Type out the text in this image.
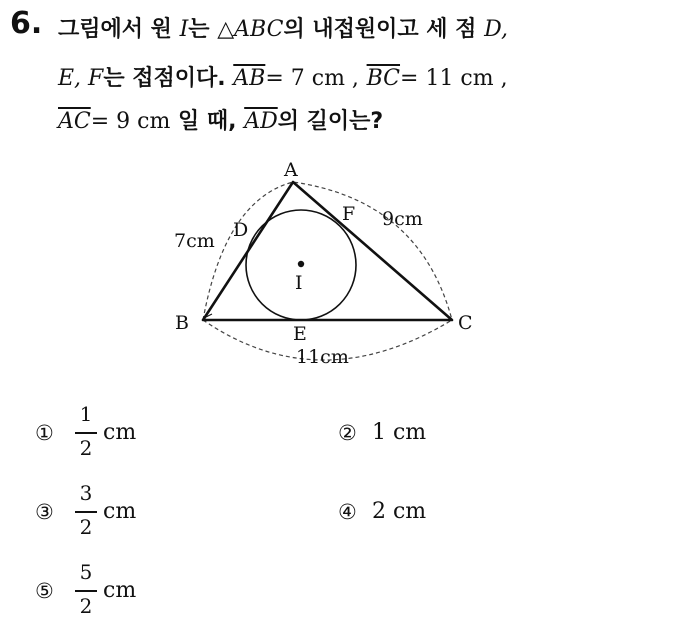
6. 그림에서 원 I는 △ABC의 내접원이고 세 점 D,
E, F는 접점이다. $\overline{AB}= 7$ cm , $\overline{BC}= 11$ cm ,
$\overline{AC}= 9$ cm 일 때, $\overline{AD}$의 길이는?
A
B	C
D
E
F
I
7cm
9cm
11cm
①
1
2
cm	② 1 cm
③
3
2
cm	④ 2 cm
⑤
5
2
cm
